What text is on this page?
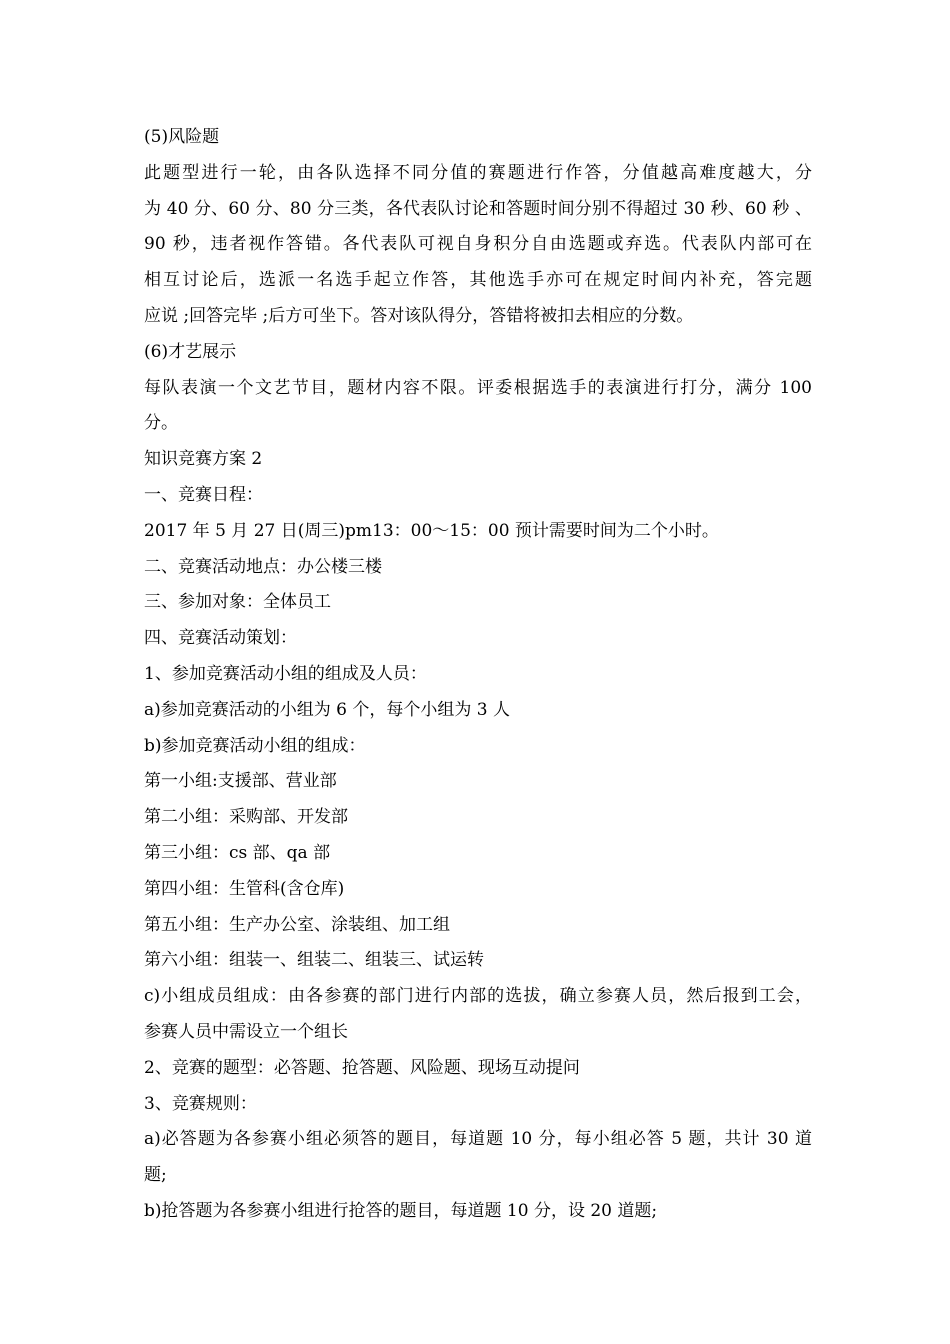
(5)风险题
此题型进行一轮，由各队选择不同分值的赛题进行作答，分值越高难度越大，分
为 40 分、60 分、80 分三类，各代表队讨论和答题时间分别不得超过 30 秒、60 秒 、
90 秒，违者视作答错。各代表队可视自身积分自由选题或弃选。代表队内部可在
相互讨论后，选派一名选手起立作答，其他选手亦可在规定时间内补充，答完题
应说 ;回答完毕 ;后方可坐下。答对该队得分，答错将被扣去相应的分数。
(6)才艺展示
每队表演一个文艺节目，题材内容不限。评委根据选手的表演进行打分，满分 100
分。
知识竞赛方案 2
一、竞赛日程：
2017 年 5 月 27 日(周三)pm13：00～15：00 预计需要时间为二个小时。
二、竞赛活动地点：办公楼三楼
三、参加对象：全体员工
四、竞赛活动策划：
1、参加竞赛活动小组的组成及人员：
a)参加竞赛活动的小组为 6 个，每个小组为 3 人
b)参加竞赛活动小组的组成：
第一小组:支援部、营业部
第二小组：采购部、开发部
第三小组：cs 部、qa 部
第四小组：生管科(含仓库)
第五小组：生产办公室、涂装组、加工组
第六小组：组装一、组装二、组装三、试运转
c)小组成员组成：由各参赛的部门进行内部的选拔，确立参赛人员，然后报到工会，
参赛人员中需设立一个组长
2、竞赛的题型：必答题、抢答题、风险题、现场互动提问
3、竞赛规则：
a)必答题为各参赛小组必须答的题目，每道题 10 分，每小组必答 5 题，共计 30 道
题;
b)抢答题为各参赛小组进行抢答的题目，每道题 10 分，设 20 道题;
